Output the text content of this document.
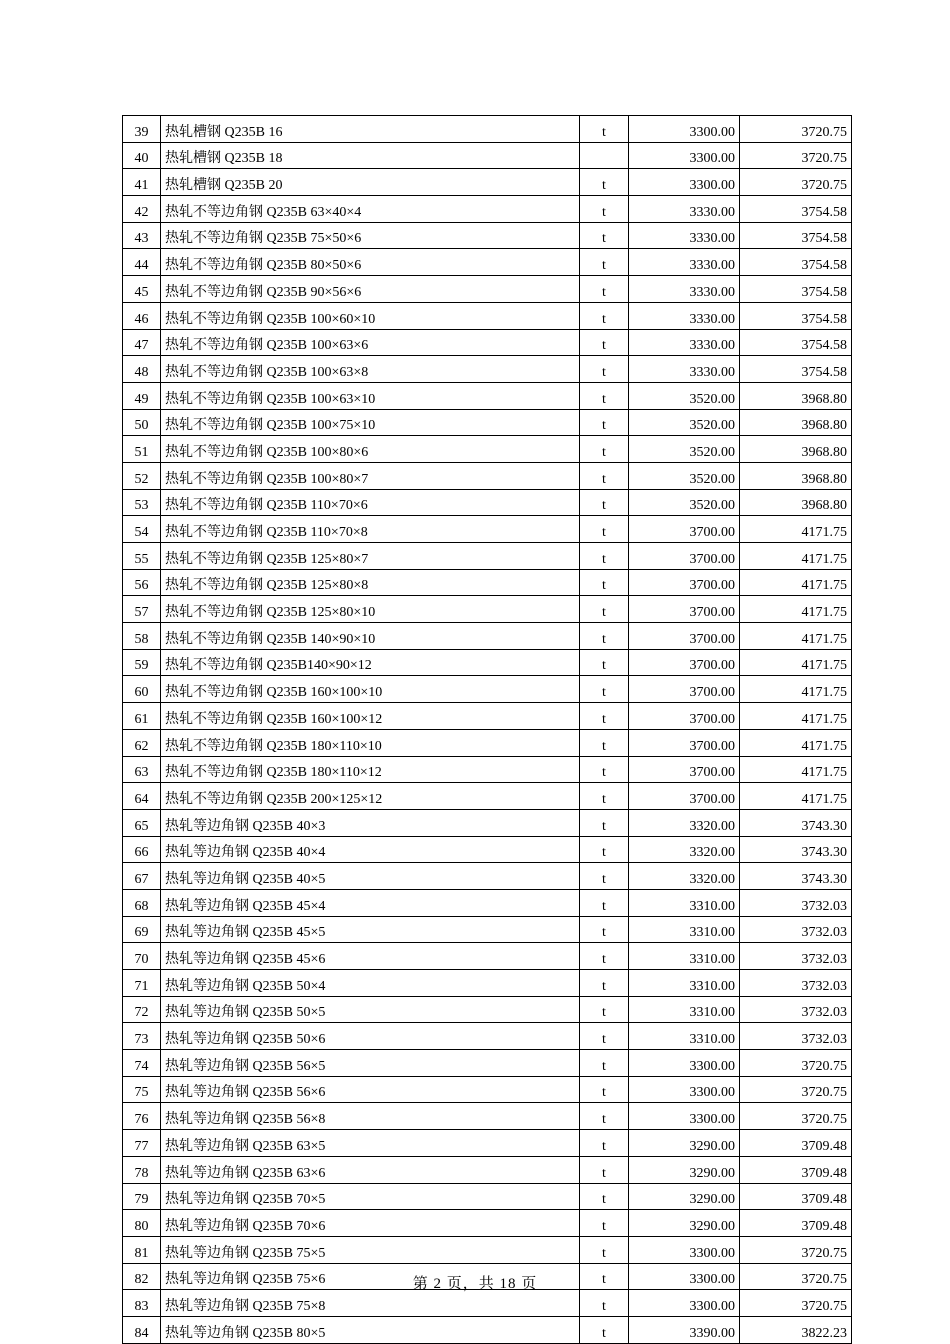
39	热轧槽钢 Q235B 16	t	3300.00	3720.75
40	热轧槽钢 Q235B 18		3300.00	3720.75
41	热轧槽钢 Q235B 20	t	3300.00	3720.75
42	热轧不等边角钢 Q235B 63×40×4	t	3330.00	3754.58
43	热轧不等边角钢 Q235B 75×50×6	t	3330.00	3754.58
44	热轧不等边角钢 Q235B 80×50×6	t	3330.00	3754.58
45	热轧不等边角钢 Q235B 90×56×6	t	3330.00	3754.58
46	热轧不等边角钢 Q235B 100×60×10	t	3330.00	3754.58
47	热轧不等边角钢 Q235B 100×63×6	t	3330.00	3754.58
48	热轧不等边角钢 Q235B 100×63×8	t	3330.00	3754.58
49	热轧不等边角钢 Q235B 100×63×10	t	3520.00	3968.80
50	热轧不等边角钢 Q235B 100×75×10	t	3520.00	3968.80
51	热轧不等边角钢 Q235B 100×80×6	t	3520.00	3968.80
52	热轧不等边角钢 Q235B 100×80×7	t	3520.00	3968.80
53	热轧不等边角钢 Q235B 110×70×6	t	3520.00	3968.80
54	热轧不等边角钢 Q235B 110×70×8	t	3700.00	4171.75
55	热轧不等边角钢 Q235B 125×80×7	t	3700.00	4171.75
56	热轧不等边角钢 Q235B 125×80×8	t	3700.00	4171.75
57	热轧不等边角钢 Q235B 125×80×10	t	3700.00	4171.75
58	热轧不等边角钢 Q235B 140×90×10	t	3700.00	4171.75
59	热轧不等边角钢 Q235B140×90×12	t	3700.00	4171.75
60	热轧不等边角钢 Q235B 160×100×10	t	3700.00	4171.75
61	热轧不等边角钢 Q235B 160×100×12	t	3700.00	4171.75
62	热轧不等边角钢 Q235B 180×110×10	t	3700.00	4171.75
63	热轧不等边角钢 Q235B 180×110×12	t	3700.00	4171.75
64	热轧不等边角钢 Q235B 200×125×12	t	3700.00	4171.75
65	热轧等边角钢 Q235B 40×3	t	3320.00	3743.30
66	热轧等边角钢 Q235B 40×4	t	3320.00	3743.30
67	热轧等边角钢 Q235B 40×5	t	3320.00	3743.30
68	热轧等边角钢 Q235B 45×4	t	3310.00	3732.03
69	热轧等边角钢 Q235B 45×5	t	3310.00	3732.03
70	热轧等边角钢 Q235B 45×6	t	3310.00	3732.03
71	热轧等边角钢 Q235B 50×4	t	3310.00	3732.03
72	热轧等边角钢 Q235B 50×5	t	3310.00	3732.03
73	热轧等边角钢 Q235B 50×6	t	3310.00	3732.03
74	热轧等边角钢 Q235B 56×5	t	3300.00	3720.75
75	热轧等边角钢 Q235B 56×6	t	3300.00	3720.75
76	热轧等边角钢 Q235B 56×8	t	3300.00	3720.75
77	热轧等边角钢 Q235B 63×5	t	3290.00	3709.48
78	热轧等边角钢 Q235B 63×6	t	3290.00	3709.48
79	热轧等边角钢 Q235B 70×5	t	3290.00	3709.48
80	热轧等边角钢 Q235B 70×6	t	3290.00	3709.48
81	热轧等边角钢 Q235B 75×5	t	3300.00	3720.75
82	热轧等边角钢 Q235B 75×6	t	3300.00	3720.75
83	热轧等边角钢 Q235B 75×8	t	3300.00	3720.75
84	热轧等边角钢 Q235B 80×5	t	3390.00	3822.23
第 2 页，共 18 页
